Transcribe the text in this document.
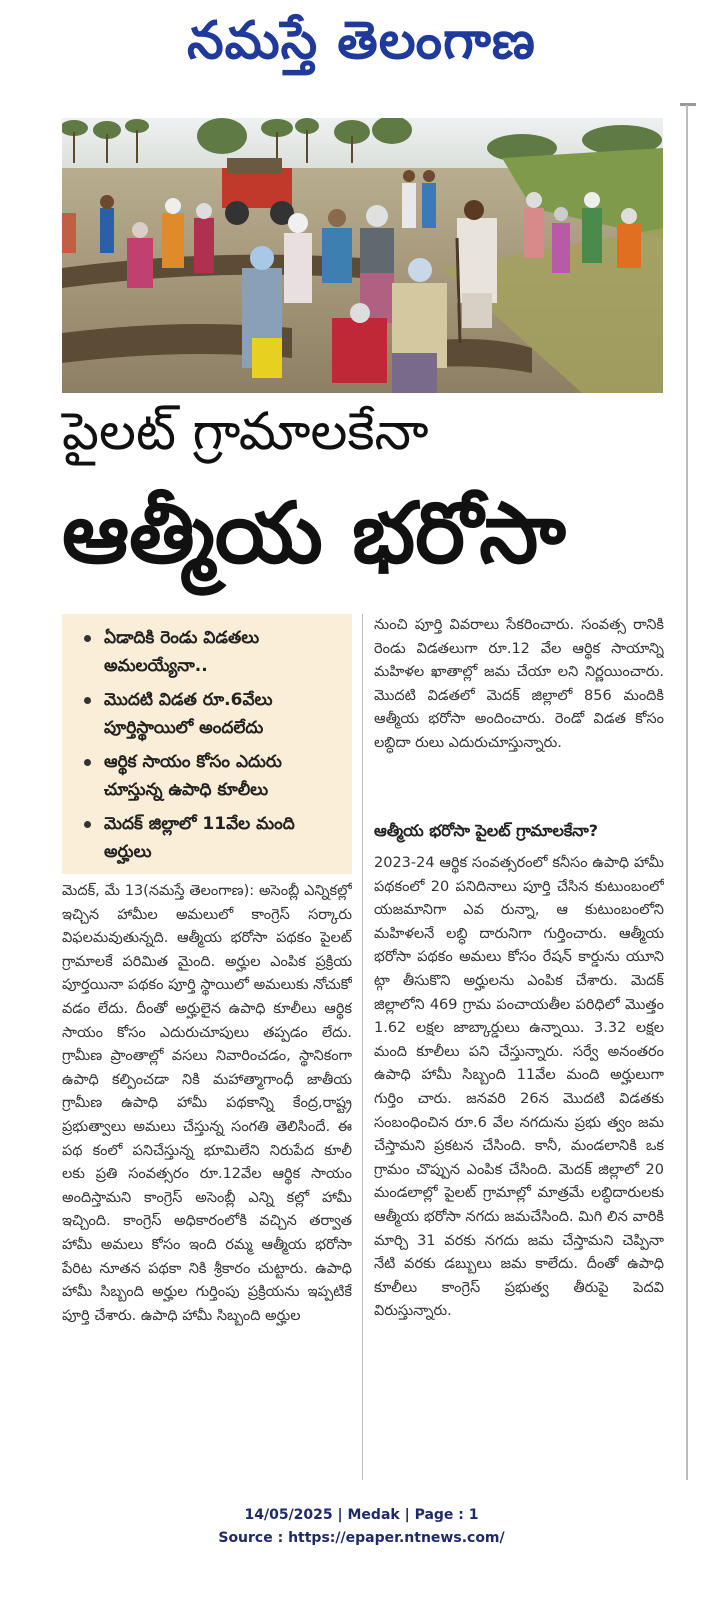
నమస్తే తెలంగాణ
పైలట్ గ్రామాలకేనా
ఆత్మీయ భరోసా
ఏడాదికి రెండు విడతలు అమలయ్యేనా..
మొదటి విడత రూ.6వేలు పూర్తిస్థాయిలో అందలేదు
ఆర్థిక సాయం కోసం ఎదురు చూస్తున్న ఉపాధి కూలీలు
మెదక్ జిల్లాలో 11వేల మంది అర్హులు
మెదక్, మే 13(నమస్తే తెలంగాణ): అసెంబ్లీ ఎన్నికల్లో ఇచ్చిన హామీల అమలులో కాంగ్రెస్ సర్కారు విఫలమవుతున్నది. ఆత్మీయ భరోసా పథకం పైలట్ గ్రామాలకే పరిమిత మైంది. అర్హుల ఎంపిక ప్రక్రియ పూర్తయినా పథకం పూర్తి స్థాయిలో అమలుకు నోచుకో వడం లేదు. దీంతో అర్హులైన ఉపాధి కూలీలు ఆర్థిక సాయం కోసం ఎదురుచూపులు తప్పడం లేదు. గ్రామీణ ప్రాంతాల్లో వసలు నివారించడం, స్థానికంగా ఉపాధి కల్పించడా నికి మహాత్మాగాంధీ జాతీయ గ్రామీణ ఉపాధి హామీ పథకాన్ని కేంద్ర,రాష్ట్ర ప్రభుత్వాలు అమలు చేస్తున్న సంగతి తెలిసిందే. ఈ పథ కంలో పనిచేస్తున్న భూమిలేని నిరుపేద కూలీ లకు ప్రతి సంవత్సరం రూ.12వేల ఆర్థిక సాయం అందిస్తామని కాంగ్రెస్ అసెంబ్లీ ఎన్ని కల్లో హామీ ఇచ్చింది. కాంగ్రెస్ అధికారంలోకి వచ్చిన తర్వాత హామీ అమలు కోసం ఇంది రమ్మ ఆత్మీయ భరోసా పేరిట నూతన పథకా నికి శ్రీకారం చుట్టారు. ఉపాధి హామీ సిబ్బంది అర్హుల గుర్తింపు ప్రక్రియను ఇప్పటికే పూర్తి చేశారు. ఉపాధి హామీ సిబ్బంది అర్హుల
నుంచి పూర్తి వివరాలు సేకరించారు. సంవత్స రానికి రెండు విడతలుగా రూ.12 వేల ఆర్థిక సాయాన్ని మహిళల ఖాతాల్లో జమ చేయా లని నిర్ణయించారు. మొదటి విడతలో మెదక్ జిల్లాలో 856 మందికి ఆత్మీయ భరోసా అందించారు. రెండో విడత కోసం లబ్ధిదా రులు ఎదురుచూస్తున్నారు.
ఆత్మీయ భరోసా పైలట్ గ్రామాలకేనా?
2023-24 ఆర్థిక సంవత్సరంలో కనీసం ఉపాధి హామీ పథకంలో 20 పనిదినాలు పూర్తి చేసిన కుటుంబంలో యజమానిగా ఎవ రున్నా, ఆ కుటుంబంలోని మహిళలనే లబ్ధి దారునిగా గుర్తించారు. ఆత్మీయ భరోసా పథకం అమలు కోసం రేషన్ కార్డును యూని ట్గా తీసుకొని అర్హులను ఎంపిక చేశారు. మెదక్ జిల్లాలోని 469 గ్రామ పంచాయతీల పరిధిలో మొత్తం 1.62 లక్షల జాబ్కార్డులు ఉన్నాయి. 3.32 లక్షల మంది కూలీలు పని చేస్తున్నారు. సర్వే అనంతరం ఉపాధి హామీ సిబ్బంది 11వేల మంది అర్హులుగా గుర్తిం చారు. జనవరి 26న మొదటి విడతకు సంబంధించిన రూ.6 వేల నగదును ప్రభు త్వం జమ చేస్తామని ప్రకటన చేసింది. కానీ, మండలానికి ఒక గ్రామం చొప్పున ఎంపిక చేసింది. మెదక్ జిల్లాలో 20 మండలాల్లో పైలట్ గ్రామాల్లో మాత్రమే లబ్ధిదారులకు ఆత్మీయ భరోసా నగదు జమచేసింది. మిగి లిన వారికి మార్చి 31 వరకు నగదు జమ చేస్తామని చెప్పినా నేటి వరకు డబ్బులు జమ కాలేదు. దీంతో ఉపాధి కూలీలు కాంగ్రెస్ ప్రభుత్వ తీరుపై పెదవి విరుస్తున్నారు.
14/05/2025 | Medak | Page : 1
Source : https://epaper.ntnews.com/
